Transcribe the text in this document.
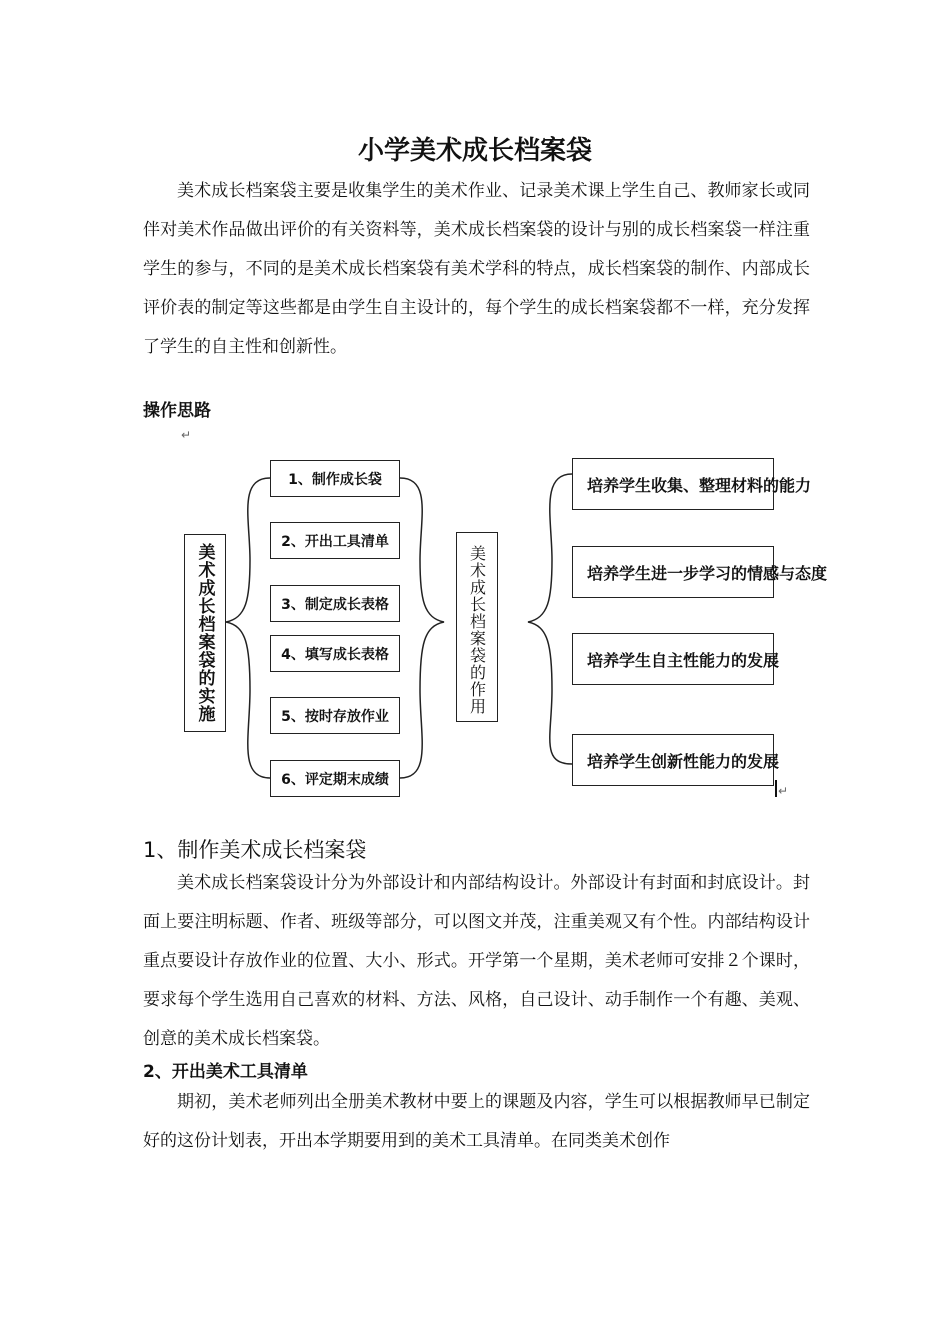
小学美术成长档案袋

美术成长档案袋主要是收集学生的美术作业、记录美术课上学生自己、教师家长或同伴对美术作品做出评价的有关资料等，美术成长档案袋的设计与别的成长档案袋一样注重学生的参与，不同的是美术成长档案袋有美术学科的特点，成长档案袋的制作、内部成长评价表的制定等这些都是由学生自主设计的，每个学生的成长档案袋都不一样，充分发挥了学生的自主性和创新性。

操作思路
↵
美术成长档案袋的实施
1、制作成长袋
2、开出工具清单
3、制定成长表格
4、填写成长表格
5、按时存放作业
6、评定期末成绩
美术成长档案袋的作用
培养学生收集、整理材料的能力
培养学生进一步学习的情感与态度
培养学生自主性能力的发展
培养学生创新性能力的发展
↵
1、制作美术成长档案袋

美术成长档案袋设计分为外部设计和内部结构设计。外部设计有封面和封底设计。封面上要注明标题、作者、班级等部分，可以图文并茂，注重美观又有个性。内部结构设计重点要设计存放作业的位置、大小、形式。开学第一个星期，美术老师可安排２个课时，要求每个学生选用自己喜欢的材料、方法、风格，自己设计、动手制作一个有趣、美观、创意的美术成长档案袋。

2、开出美术工具清单

期初，美术老师列出全册美术教材中要上的课题及内容，学生可以根据教师早已制定好的这份计划表，开出本学期要用到的美术工具清单。在同类美术创作
